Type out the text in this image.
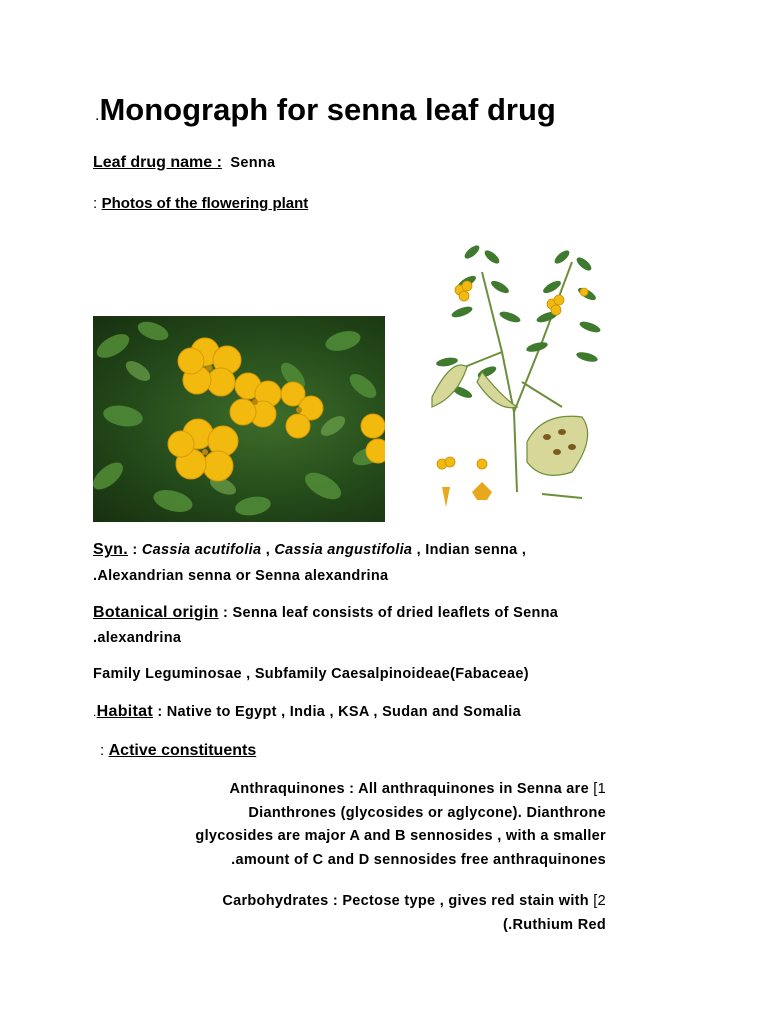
.Monograph for senna leaf drug
Leaf drug name : Senna
: Photos of the flowering plant
Syn. : Cassia acutifolia , Cassia angustifolia , Indian senna ,
.Alexandrian senna or Senna alexandrina
Botanical origin : Senna leaf consists of dried leaflets of Senna
.alexandrina
Family Leguminosae , Subfamily Caesalpinoideae(Fabaceae)
.Habitat : Native to Egypt , India , KSA , Sudan and Somalia
: Active constituents
Anthraquinones : All anthraquinones in Senna are [1
Dianthrones (glycosides or aglycone). Dianthrone
glycosides are major A and B sennosides , with a smaller
.amount of C and D sennosides free anthraquinones
Carbohydrates : Pectose type , gives red stain with [2
(.Ruthium Red
